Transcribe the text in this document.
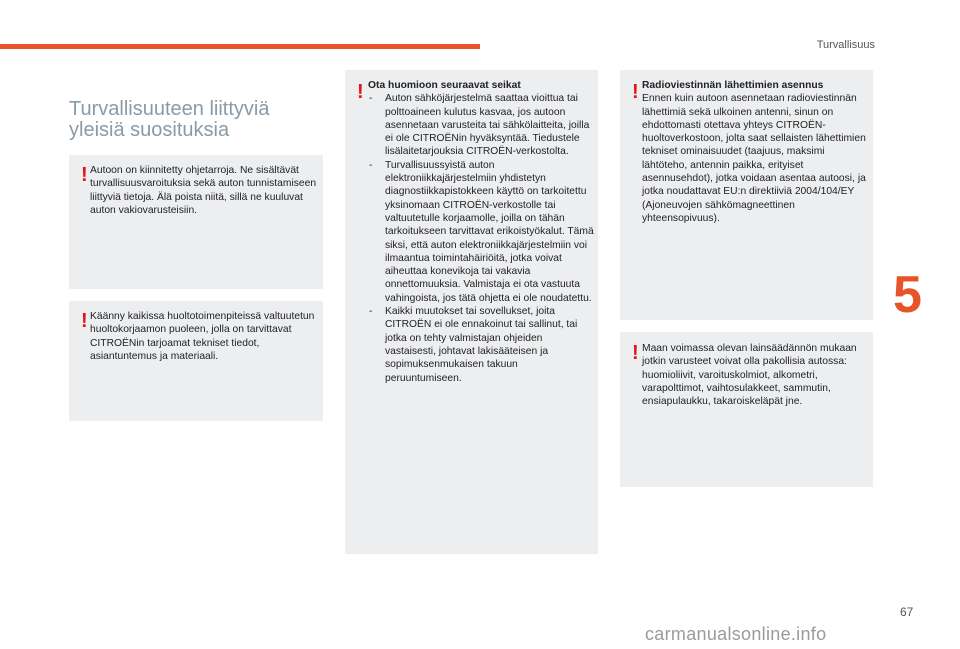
Turvallisuus
5
Turvallisuuteen liittyviä yleisiä suosituksia
! Autoon on kiinnitetty ohjetarroja. Ne sisältävät turvallisuusvaroituksia sekä auton tunnistamiseen liittyviä tietoja. Älä poista niitä, sillä ne kuuluvat auton vakiovarusteisiin.

! Käänny kaikissa huoltotoimenpiteissä valtuutetun huoltokorjaamon puoleen, jolla on tarvittavat CITROËNin tarjoamat tekniset tiedot, asiantuntemus ja materiaali.

! Ota huomioon seuraavat seikat
- Auton sähköjärjestelmä saattaa vioittua tai polttoaineen kulutus kasvaa, jos autoon asennetaan varusteita tai sähkölaitteita, joilla ei ole CITROËNin hyväksyntää. Tiedustele lisälaitetarjouksia CITROËN-verkostolta.
- Turvallisuussyistä auton elektroniikkajärjestelmiin yhdistetyn diagnostiikkapistokkeen käyttö on tarkoitettu yksinomaan CITROËN-verkostolle tai valtuutetulle korjaamolle, joilla on tähän tarkoitukseen tarvittavat erikoistyökalut. Tämä siksi, että auton elektroniikkajärjestelmiin voi ilmaantua toimintahäiriöitä, jotka voivat aiheuttaa konevikoja tai vakavia onnettomuuksia. Valmistaja ei ota vastuuta vahingoista, jos tätä ohjetta ei ole noudatettu.
- Kaikki muutokset tai sovellukset, joita CITROËN ei ole ennakoinut tai sallinut, tai jotka on tehty valmistajan ohjeiden vastaisesti, johtavat lakisääteisen ja sopimuksenmukaisen takuun peruuntumiseen.
! Radioviestinnän lähettimien asennus

Ennen kuin autoon asennetaan radioviestinnän lähettimiä sekä ulkoinen antenni, sinun on ehdottomasti otettava yhteys CITROËN-huoltoverkostoon, jolta saat sellaisten lähettimien tekniset ominaisuudet (taajuus, maksimi lähtöteho, antennin paikka, erityiset asennusehdot), jotka voidaan asentaa autoosi, ja jotka noudattavat EU:n direktiiviä 2004/104/EY (Ajoneuvojen sähkömagneettinen yhteensopivuus).

! Maan voimassa olevan lainsäädännön mukaan jotkin varusteet voivat olla pakollisia autossa: huomioliivit, varoituskolmiot, alkometri, varapolttimot, vaihtosulakkeet, sammutin, ensiapulaukku, takaroiskeläpät jne.

67
carmanualsonline.info
